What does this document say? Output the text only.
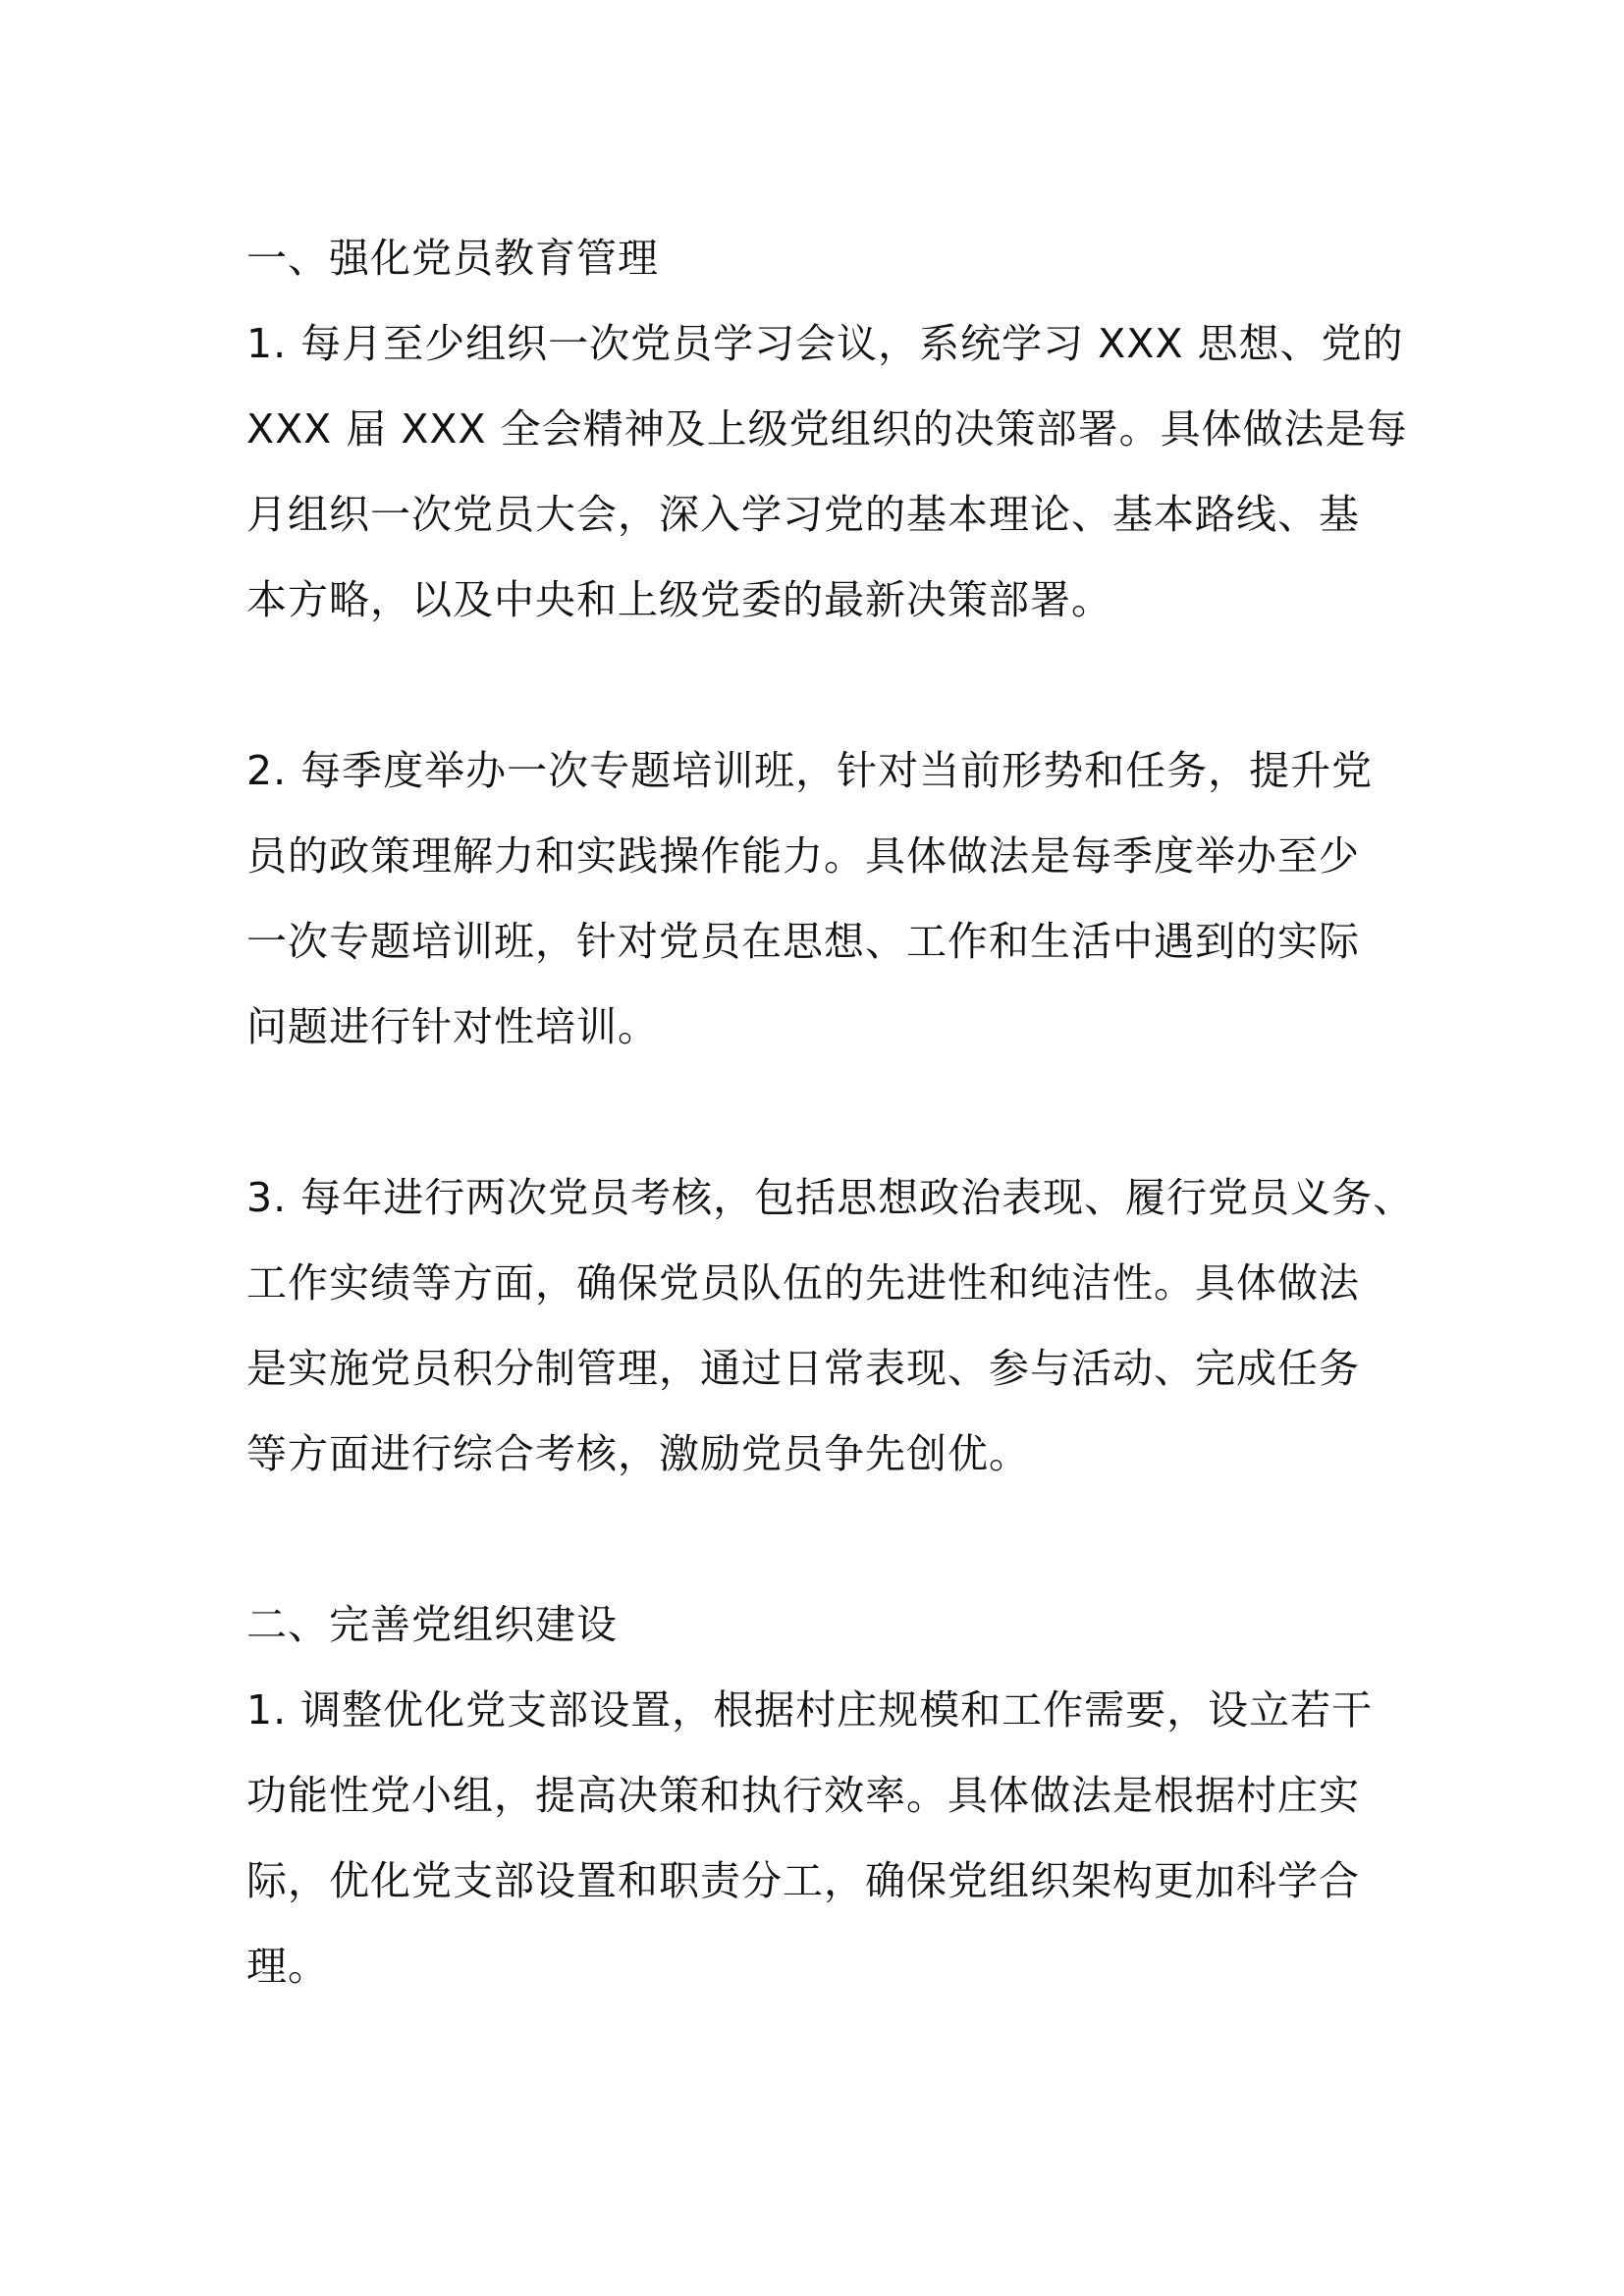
一、强化党员教育管理

1. 每月至少组织一次党员学习会议，系统学习 XXX 思想、党的

XXX 届 XXX 全会精神及上级党组织的决策部署。具体做法是每

月组织一次党员大会，深入学习党的基本理论、基本路线、基

本方略，以及中央和上级党委的最新决策部署。

2. 每季度举办一次专题培训班，针对当前形势和任务，提升党

员的政策理解力和实践操作能力。具体做法是每季度举办至少

一次专题培训班，针对党员在思想、工作和生活中遇到的实际

问题进行针对性培训。

3. 每年进行两次党员考核，包括思想政治表现、履行党员义务、

工作实绩等方面，确保党员队伍的先进性和纯洁性。具体做法

是实施党员积分制管理，通过日常表现、参与活动、完成任务

等方面进行综合考核，激励党员争先创优。

二、完善党组织建设

1. 调整优化党支部设置，根据村庄规模和工作需要，设立若干

功能性党小组，提高决策和执行效率。具体做法是根据村庄实

际，优化党支部设置和职责分工，确保党组织架构更加科学合

理。
